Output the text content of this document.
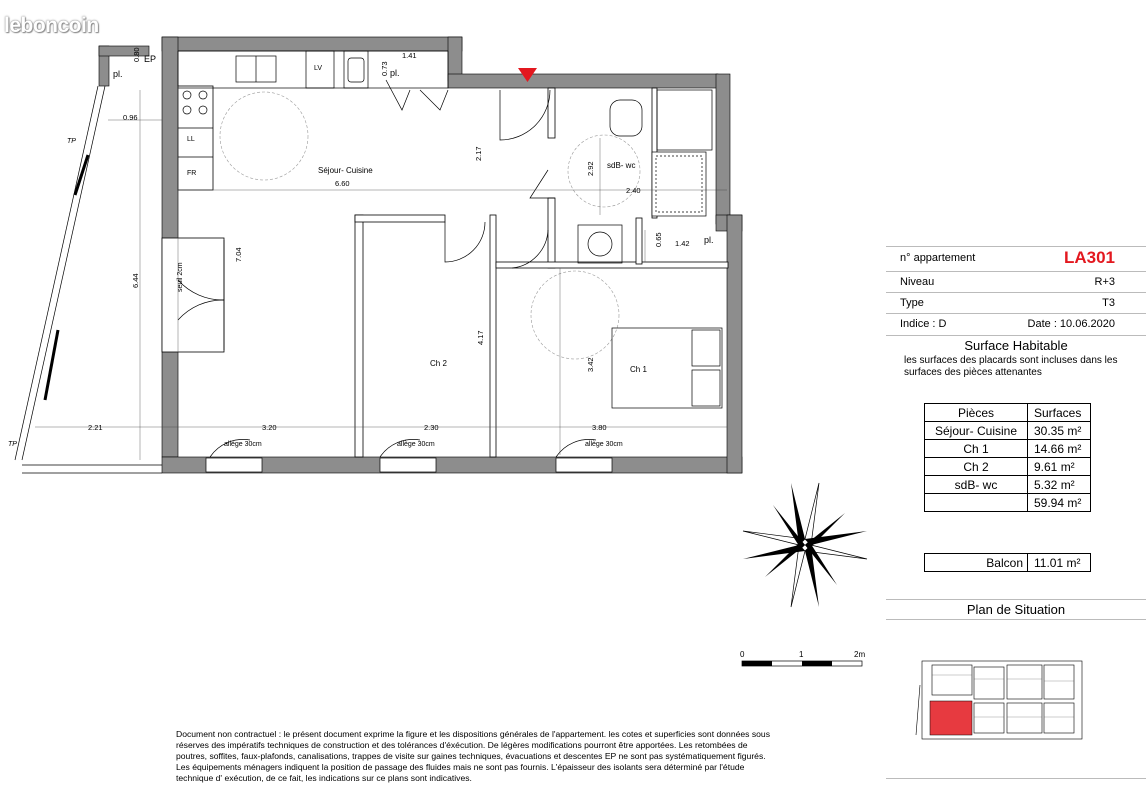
Séjour- Cuisine
sdB- wc
Ch 1
Ch 2
LV
LL
FR
pl.
pl.
pl.
EP
allège 30cm	allège 30cm	allège 30cm
TP
TP
seuil 2cm
0.80
0.96
1.41
0.73
2.17
6.60
2.92
2.40
0.65 1.42
6.44
7.04
4.17
3.42
2.21	3.20	2.30	3.80
0	1	2m
leboncoin
n° appartement	LA301
Niveau	R+3
Type	T3
Indice : D	Date : 10.06.2020
Surface Habitable
les surfaces des placards sont incluses dans les surfaces des pièces attenantes
Pièces	Surfaces
Séjour- Cuisine	30.35 m²
Ch 1	14.66 m²
Ch 2	9.61 m²
sdB- wc	5.32 m²
	59.94 m²
Balcon	11.01 m²
Plan de Situation
Document non contractuel : le présent document exprime la figure et les dispositions générales de l'appartement. les cotes et superficies sont données sous réserves des impératifs techniques de construction et des tolérances d'éxécution. De légères modifications pourront être apportées. Les retombées de poutres, soffites, faux-plafonds, canalisations, trappes de visite sur gaines techniques, évacuations et descentes EP ne sont pas systématiquement figurés. Les équipements ménagers indiquent la position de passage des fluides mais ne sont pas fournis. L'épaisseur des isolants sera déterminé par l'étude technique d' exécution, de ce fait, les indications sur ce plans sont indicatives.
